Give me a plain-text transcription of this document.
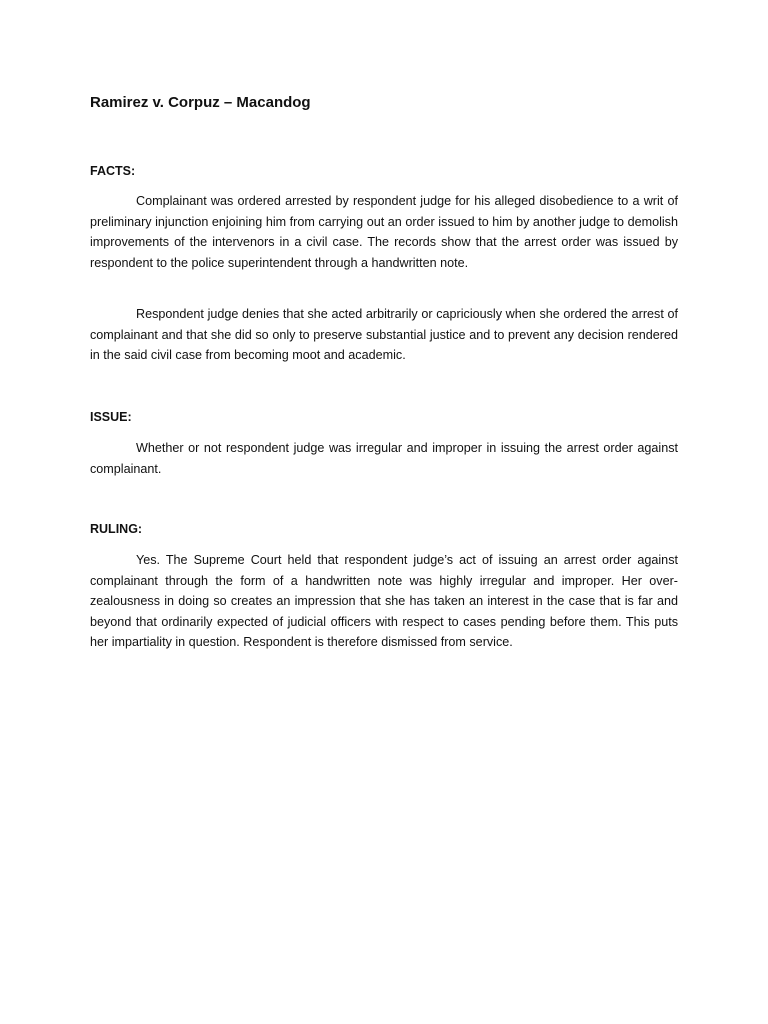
Ramirez v. Corpuz – Macandog
FACTS:

Complainant was ordered arrested by respondent judge for his alleged disobedience to a writ of preliminary injunction enjoining him from carrying out an order issued to him by another judge to demolish improvements of the intervenors in a civil case. The records show that the arrest order was issued by respondent to the police superintendent through a handwritten note.

Respondent judge denies that she acted arbitrarily or capriciously when she ordered the arrest of complainant and that she did so only to preserve substantial justice and to prevent any decision rendered in the said civil case from becoming moot and academic.

ISSUE:

Whether or not respondent judge was irregular and improper in issuing the arrest order against complainant.

RULING:

Yes. The Supreme Court held that respondent judge’s act of issuing an arrest order against complainant through the form of a handwritten note was highly irregular and improper. Her over-zealousness in doing so creates an impression that she has taken an interest in the case that is far and beyond that ordinarily expected of judicial officers with respect to cases pending before them. This puts her impartiality in question. Respondent is therefore dismissed from service.
